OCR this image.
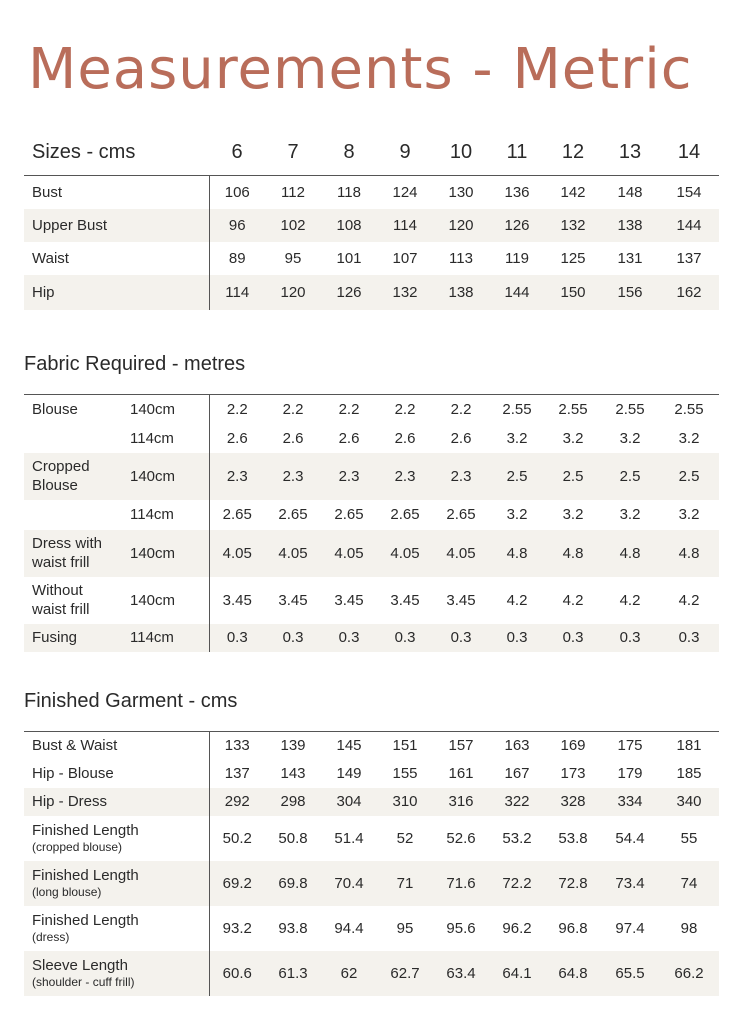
Measurements - Metric
Sizes - cms	6	7	8	9	10	11	12	13	14
Bust	106	112	118	124	130	136	142	148	154
Upper Bust	96	102	108	114	120	126	132	138	144
Waist	89	95	101	107	113	119	125	131	137
Hip	114	120	126	132	138	144	150	156	162
Fabric Required - metres
Blouse	140cm	2.2	2.2	2.2	2.2	2.2	2.55	2.55	2.55	2.55
	114cm	2.6	2.6	2.6	2.6	2.6	3.2	3.2	3.2	3.2
Cropped
Blouse	140cm	2.3	2.3	2.3	2.3	2.3	2.5	2.5	2.5	2.5
	114cm	2.65	2.65	2.65	2.65	2.65	3.2	3.2	3.2	3.2
Dress with
waist frill	140cm	4.05	4.05	4.05	4.05	4.05	4.8	4.8	4.8	4.8
Without
waist frill	140cm	3.45	3.45	3.45	3.45	3.45	4.2	4.2	4.2	4.2
Fusing	114cm	0.3	0.3	0.3	0.3	0.3	0.3	0.3	0.3	0.3
Finished Garment - cms
Bust & Waist	133	139	145	151	157	163	169	175	181
Hip - Blouse	137	143	149	155	161	167	173	179	185
Hip - Dress	292	298	304	310	316	322	328	334	340
Finished Length
(cropped blouse)	50.2	50.8	51.4	52	52.6	53.2	53.8	54.4	55
Finished Length
(long blouse)	69.2	69.8	70.4	71	71.6	72.2	72.8	73.4	74
Finished Length
(dress)	93.2	93.8	94.4	95	95.6	96.2	96.8	97.4	98
Sleeve Length
(shoulder - cuff frill)	60.6	61.3	62	62.7	63.4	64.1	64.8	65.5	66.2
